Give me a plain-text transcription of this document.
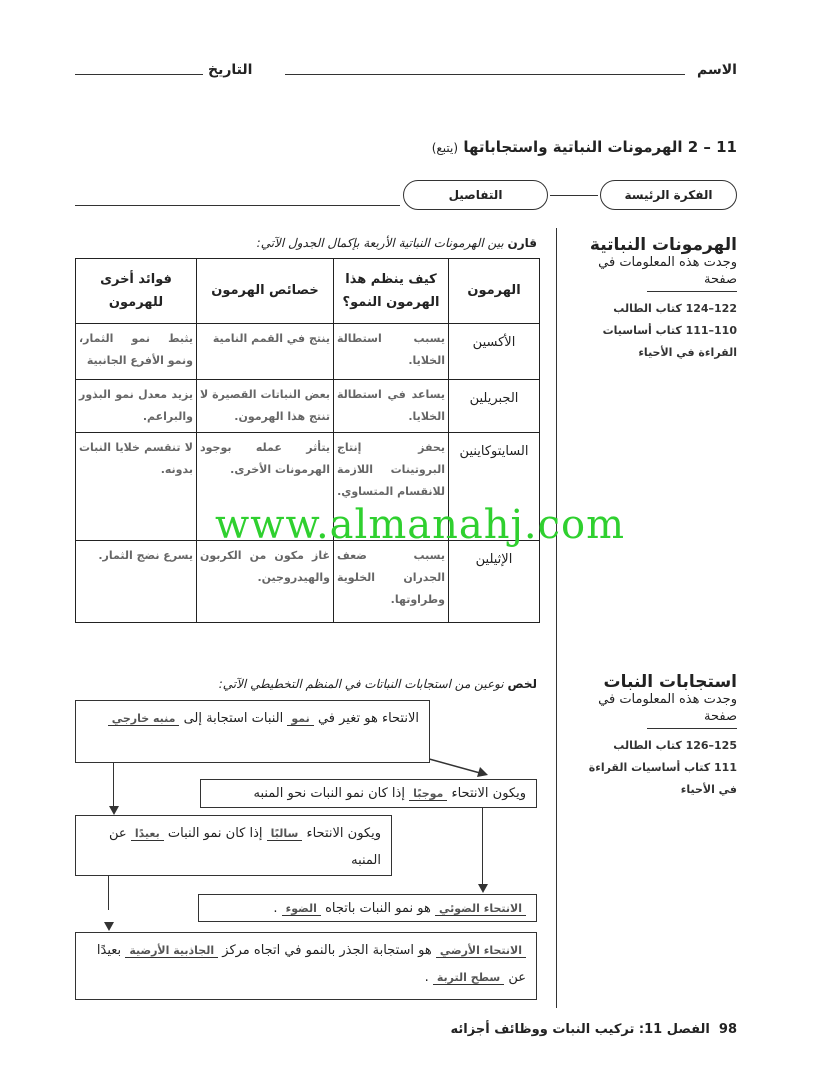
الاسم
التاريخ
11 – 2 الهرمونات النباتية واستجاباتها (يتبع)
الفكرة الرئيسة
التفاصيل
الهرمونات النباتية
وجدت هذه المعلومات في صفحة
122–124 كتاب الطالب
110–111 كتاب أساسيات القراءة في الأحياء
قارن بين الهرمونات النباتية الأربعة بإكمال الجدول الآتي:
الهرمون	كيف ينظم هذا الهرمون النمو؟	خصائص الهرمون	فوائد أخرى للهرمون
الأكسين	يسبب استطالة الخلايا.	ينتج في القمم النامية	يثبط نمو الثمار، ونمو الأفرع الجانبية
الجبريلين	يساعد في استطالة الخلايا.	بعض النباتات القصيرة لا تنتج هذا الهرمون.	يزيد معدل نمو البذور والبراعم.
السايتوكاينين	يحفز إنتاج البروتينات اللازمة للانقسام المتساوي.	يتأثر عمله بوجود الهرمونات الأخرى.	لا تنقسم خلايا النبات بدونه.
الإثيلين	يسبب ضعف الجدران الخلوية وطراوتها.	غاز مكون من الكربون والهيدروجين.	يسرع نضج الثمار.
www.almanahj.com
استجابات النبات
وجدت هذه المعلومات في صفحة
125–126 كتاب الطالب
111 كتاب أساسيات القراءة في الأحياء
لخص نوعين من استجابات النباتات في المنظم التخطيطي الآتي:
الانتحاء هو تغير في نمو النبات استجابة إلى منبه خارجي
ويكون الانتحاء موجبًا إذا كان نمو النبات نحو المنبه
ويكون الانتحاء سالبًا إذا كان نمو النبات بعيدًا عن المنبه
الانتحاء الضوئي هو نمو النبات باتجاه الضوء .
الانتحاء الأرضي هو استجابة الجذر بالنمو في اتجاه مركز الجاذبية الأرضية بعيدًا عن سطح التربة .
98  الفصل 11: تركيب النبات ووظائف أجزائه
